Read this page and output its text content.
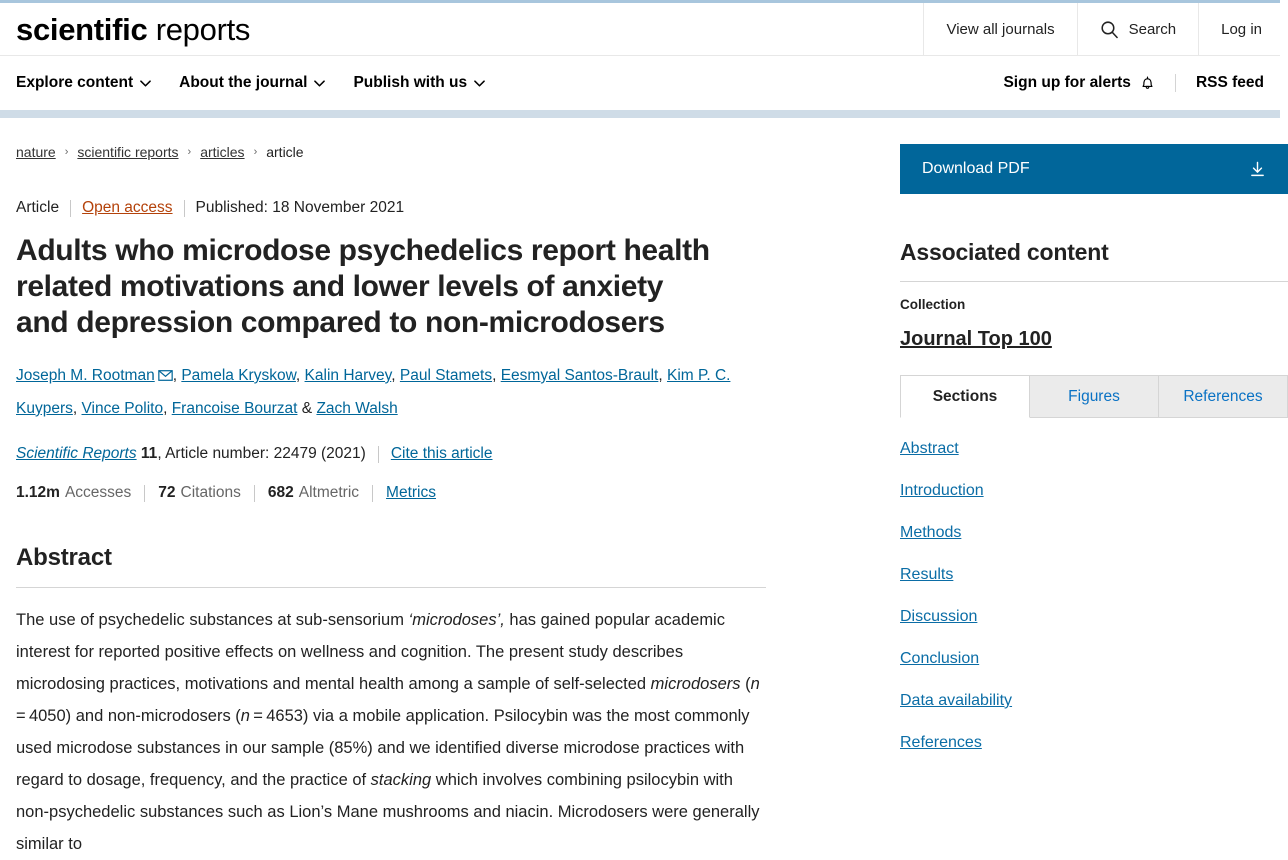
scientific reports	View all journals	Search	Log in
Explore content	About the journal	Publish with us	Sign up for alerts	RSS feed
nature › scientific reports › articles › article
Article Open access Published: 18 November 2021
Adults who microdose psychedelics report health related motivations and lower levels of anxiety and depression compared to non-microdosers
Joseph M. Rootman , Pamela Kryskow, Kalin Harvey, Paul Stamets, Eesmyal Santos-Brault, Kim P. C. Kuypers, Vince Polito, Francoise Bourzat & Zach Walsh
Scientific Reports
11 , Article number: 22479 (2021) Cite this article
1.12m Accesses 72 Citations 682 Altmetric Metrics
Abstract
The use of psychedelic substances at sub-sensorium ‘microdoses’, has gained popular academic interest for reported positive effects on wellness and cognition. The present study describes microdosing practices, motivations and mental health among a sample of self-selected microdosers (n = 4050) and non-microdosers (n = 4653) via a mobile application. Psilocybin was the most commonly used microdose substances in our sample (85%) and we identified diverse microdose practices with regard to dosage, frequency, and the practice of stacking which involves combining psilocybin with non-psychedelic substances such as Lion’s Mane mushrooms and niacin. Microdosers were generally similar to
Download PDF
Associated content
Collection
Journal Top 100
Sections	Figures	References
Abstract
Introduction
Methods
Results
Discussion
Conclusion
Data availability
References
